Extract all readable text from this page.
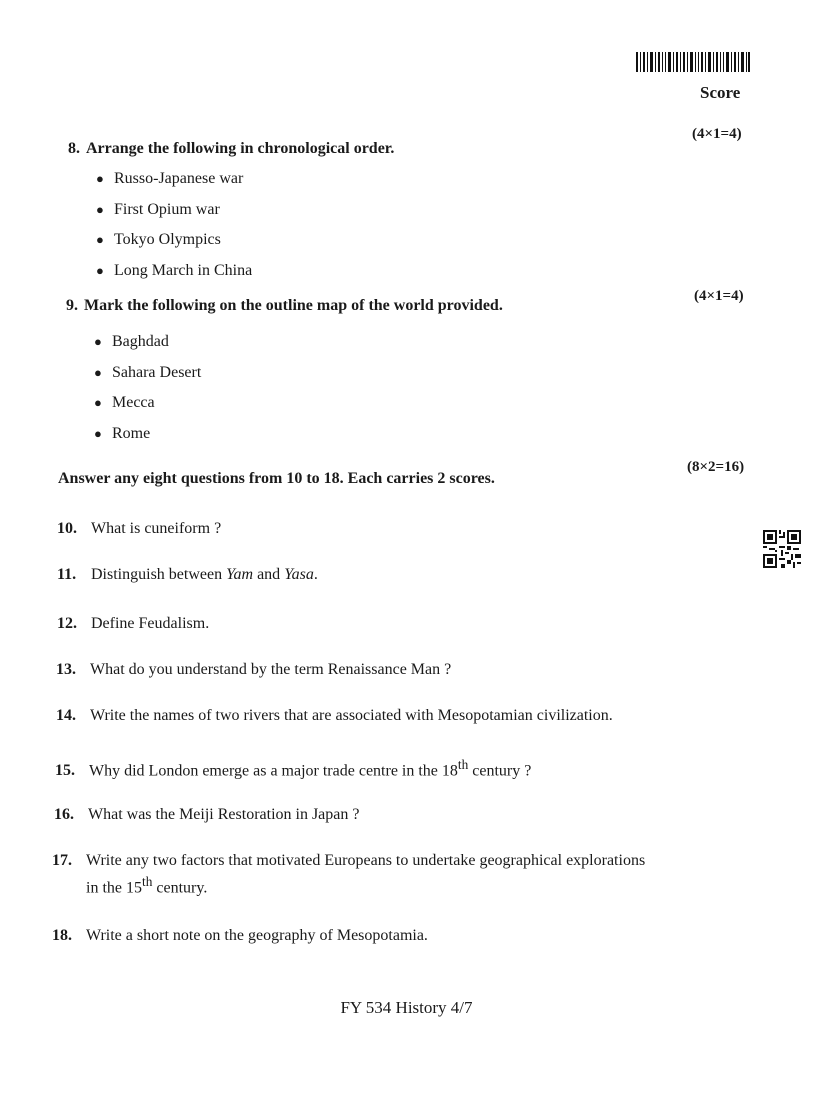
Score
(4×1=4)
8. Arrange the following in chronological order.
● Russo-Japanese war
● First Opium war
● Tokyo Olympics
● Long March in China
(4×1=4)
9. Mark the following on the outline map of the world provided.
● Baghdad
● Sahara Desert
● Mecca
● Rome
Answer any eight questions from 10 to 18. Each carries 2 scores.
(8×2=16)
10. What is cuneiform ?
11. Distinguish between Yam and Yasa.
12. Define Feudalism.
13. What do you understand by the term Renaissance Man ?
14. Write the names of two rivers that are associated with Mesopotamian civilization.
15. Why did London emerge as a major trade centre in the 18th century ?
16. What was the Meiji Restoration in Japan ?
17. Write any two factors that motivated Europeans to undertake geographical explorations
in the 15th century.
18. Write a short note on the geography of Mesopotamia.
FY 534 History 4/7
